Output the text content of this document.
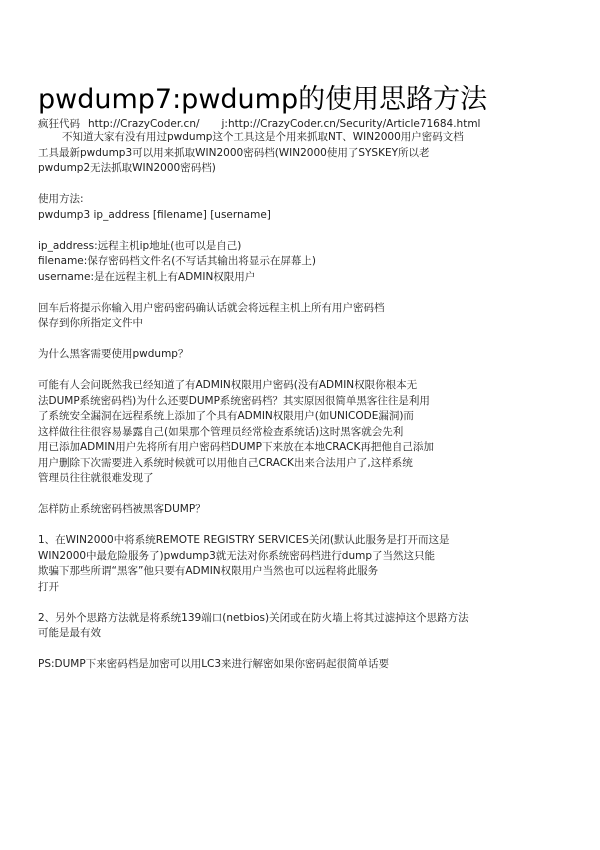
pwdump7:pwdump的使用思路方法
疯狂代码 http://CrazyCoder.cn/ j:http://CrazyCoder.cn/Security/Article71684.html
不知道大家有没有用过pwdump这个工具这是个用来抓取NT、WIN2000用户密码文档
工具最新pwdump3可以用来抓取WIN2000密码档(WIN2000使用了SYSKEY所以老
pwdump2无法抓取WIN2000密码档)
使用方法:
pwdump3 ip_address [filename] [username]
ip_address:远程主机ip地址(也可以是自己)
filename:保存密码档文件名(不写话其输出将显示在屏幕上)
username:是在远程主机上有ADMIN权限用户
回车后将提示你输入用户密码密码确认话就会将远程主机上所有用户密码档
保存到你所指定文件中
为什么黑客需要使用pwdump？
可能有人会问既然我已经知道了有ADMIN权限用户密码(没有ADMIN权限你根本无
法DUMP系统密码档)为什么还要DUMP系统密码档？其实原因很简单黑客往往是利用
了系统安全漏洞在远程系统上添加了个具有ADMIN权限用户(如UNICODE漏洞)而
这样做往往很容易暴露自己(如果那个管理员经常检查系统话)这时黑客就会先利
用已添加ADMIN用户先将所有用户密码档DUMP下来放在本地CRACK再把他自己添加
用户删除下次需要进入系统时候就可以用他自己CRACK出来合法用户了,这样系统
管理员往往就很难发现了
怎样防止系统密码档被黑客DUMP？
1、在WIN2000中将系统REMOTE REGISTRY SERVICES关闭(默认此服务是打开而这是
WIN2000中最危险服务了)pwdump3就无法对你系统密码档进行dump了当然这只能
欺骗下那些所谓“黑客”他只要有ADMIN权限用户当然也可以远程将此服务
打开
2、另外个思路方法就是将系统139端口(netbios)关闭或在防火墙上将其过滤掉这个思路方法
可能是最有效
PS:DUMP下来密码档是加密可以用LC3来进行解密如果你密码起很简单话要
